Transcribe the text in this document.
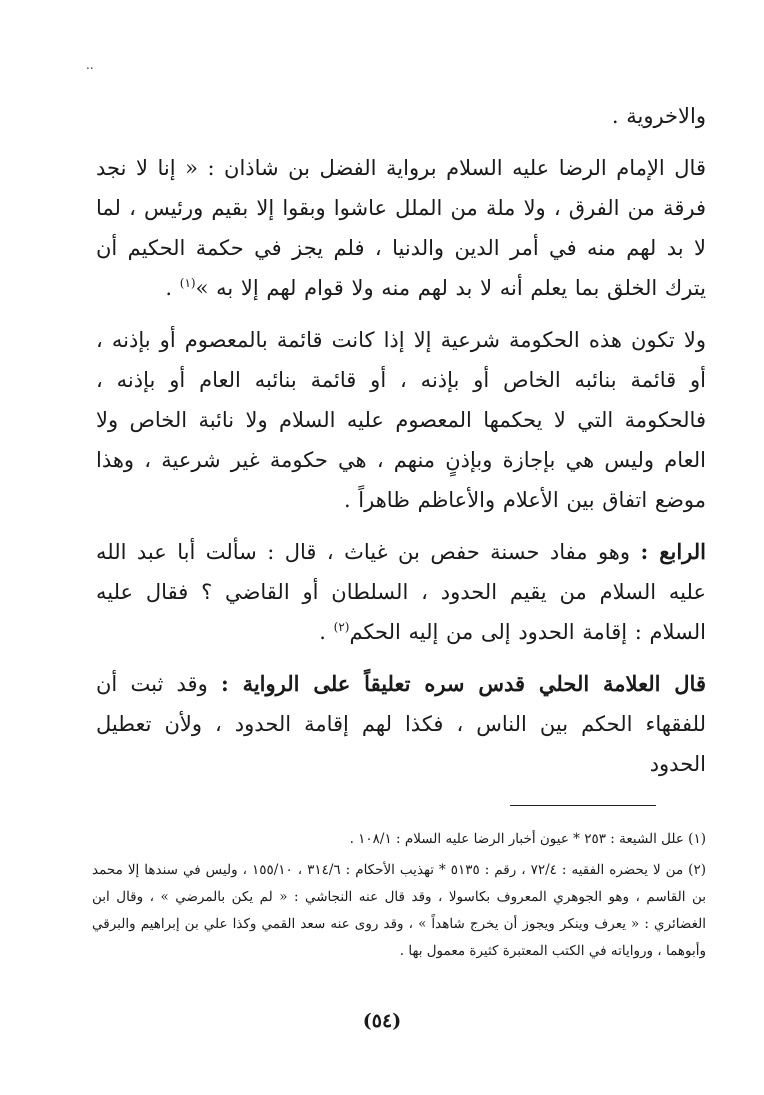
..

والاخروية .

قال الإمام الرضا عليه السلام برواية الفضل بن شاذان : « إنا لا نجد فرقة من الفرق ، ولا ملة من الملل عاشوا وبقوا إلا بقيم ورئيس ، لما لا بد لهم منه في أمر الدين والدنيا ، فلم يجز في حكمة الحكيم أن يترك الخلق بما يعلم أنه لا بد لهم منه ولا قوام لهم إلا به »$^{(١)}$ .

ولا تكون هذه الحكومة شرعية إلا إذا كانت قائمة بالمعصوم أو بإذنه ، أو قائمة بنائبه الخاص أو بإذنه ، أو قائمة بنائبه العام أو بإذنه ، فالحكومة التي لا يحكمها المعصوم عليه السلام ولا نائبة الخاص ولا العام وليس هي بإجازة وبإذنٍ منهم ، هي حكومة غير شرعية ، وهذا موضع اتفاق بين الأعلام والأعاظم ظاهراً .

الرابع : وهو مفاد حسنة حفص بن غياث ، قال : سألت أبا عبد الله عليه السلام من يقيم الحدود ، السلطان أو القاضي ؟ فقال عليه السلام : إقامة الحدود إلى من إليه الحكم$^{(٢)}$ .

قال العلامة الحلي قدس سره تعليقاً على الرواية : وقد ثبت أن للفقهاء الحكم بين الناس ، فكذا لهم إقامة الحدود ، ولأن تعطيل الحدود

(١) علل الشيعة : ٢٥٣ * عيون أخبار الرضا عليه السلام : ١٠٨/١ .

(٢) من لا يحضره الفقيه : ٧٢/٤ ، رقم : ٥١٣٥ * تهذيب الأحكام : ٣١٤/٦ ، ١٥٥/١٠ ، وليس في سندها إلا محمد بن القاسم ، وهو الجوهري المعروف بكاسولا ، وقد قال عنه النجاشي : « لم يكن بالمرضي » ، وقال ابن الغضائري : « يعرف وينكر ويجوز أن يخرج شاهداً » ، وقد روى عنه سعد القمي وكذا علي بن إبراهيم والبرقي وأبوهما ، ورواياته في الكتب المعتبرة كثيرة معمول بها .

(٥٤)
